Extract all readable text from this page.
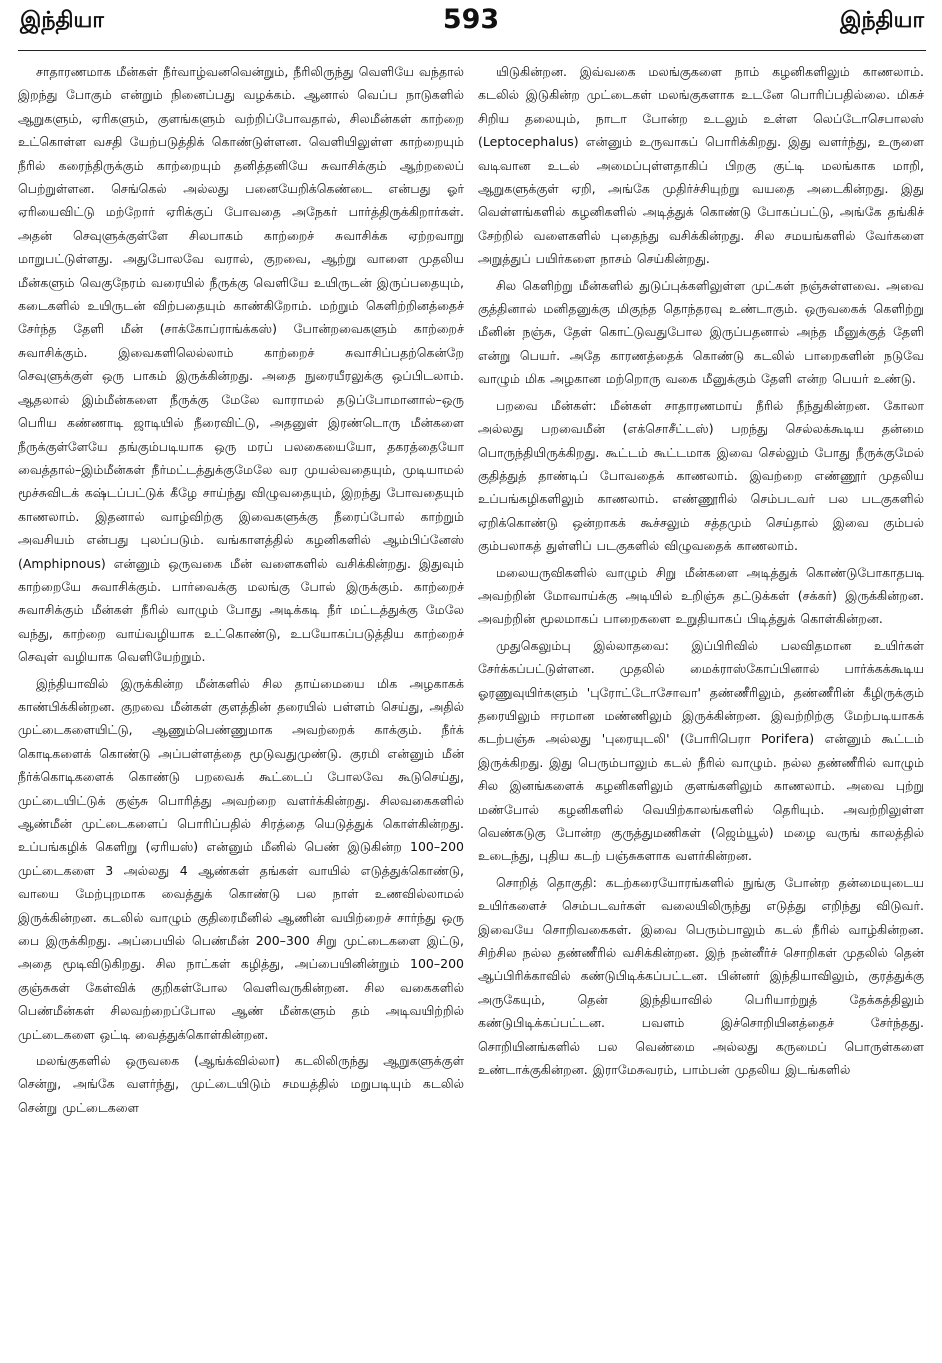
இந்தியா	593	இந்தியா

சாதாரணமாக மீன்கள் நீர்வாழ்வனவென்றும், நீரிலிருந்து வெளியே வந்தால் இறந்து போகும் என்றும் நினைப்பது வழக்கம். ஆனால் வெப்ப நாடுகளில் ஆறுகளும், ஏரிகளும், குளங்களும் வற்றிப்போவதால், சிலமீன்கள் காற்றை உட்கொள்ள வசதி யேற்படுத்திக் கொண்டுள்ளன. வெளியிலுள்ள காற்றையும் நீரில் கரைந்திருக்கும் காற்றையும் தனித்தனியே சுவாசிக்கும் ஆற்றலைப் பெற்றுள்ளன. செங்கெல் அல்லது பனையேறிக்கெண்டை என்பது ஓர் ஏரியைவிட்டு மற்றோர் ஏரிக்குப் போவதை அநேகர் பார்த்திருக்கிறார்கள். அதன் செவுளுக்குள்ளே சிலபாகம் காற்றைச் சுவாசிக்க ஏற்றவாறு மாறுபட்டுள்ளது. அதுபோலவே வரால், குறவை, ஆற்று வாளை முதலிய மீன்களும் வெகுநேரம் வரையில் நீருக்கு வெளியே உயிருடன் இருப்பதையும், கடைகளில் உயிருடன் விற்பதையும் காண்கிறோம். மற்றும் கெளிற்றினத்தைச் சேர்ந்த தேளி மீன் (சாக்கோப்ராங்க்கஸ்) போன்றவைகளும் காற்றைச் சுவாசிக்கும். இவைகளிலெல்லாம் காற்றைச் சுவாசிப்பதற்கென்றே செவுளுக்குள் ஒரு பாகம் இருக்கின்றது. அதை நுரையீரலுக்கு ஒப்பிடலாம். ஆதலால் இம்மீன்களை நீருக்கு மேலே வாராமல் தடுப்போமானால்–ஒரு பெரிய கண்ணாடி ஜாடியில் நீரைவிட்டு, அதனுள் இரண்டொரு மீன்களை நீருக்குள்ளேயே தங்கும்படியாக ஒரு மரப் பலகையையோ, தகரத்தையோ வைத்தால்–இம்மீன்கள் நீர்மட்டத்துக்குமேலே வர முயல்வதையும், முடியாமல் மூச்சுவிடக் கஷ்டப்பட்டுக் கீழே சாய்ந்து விழுவதையும், இறந்து போவதையும் காணலாம். இதனால் வாழ்விற்கு இவைகளுக்கு நீரைப்போல் காற்றும் அவசியம் என்பது புலப்படும். வங்காளத்தில் கழனிகளில் ஆம்பிப்னேஸ் (Amphipnous) என்னும் ஒருவகை மீன் வளைகளில் வசிக்கின்றது. இதுவும் காற்றையே சுவாசிக்கும். பார்வைக்கு மலங்கு போல் இருக்கும். காற்றைச் சுவாசிக்கும் மீன்கள் நீரில் வாழும் போது அடிக்கடி நீர் மட்டத்துக்கு மேலே வந்து, காற்றை வாய்வழியாக உட்கொண்டு, உபயோகப்படுத்திய காற்றைச் செவுள் வழியாக வெளியேற்றும்.

இந்தியாவில் இருக்கின்ற மீன்களில் சில தாய்மையை மிக அழகாகக் காண்பிக்கின்றன. குறவை மீன்கள் குளத்தின் தரையில் பள்ளம் செய்து, அதில் முட்டைகளையிட்டு, ஆணும்பெண்ணுமாக அவற்றைக் காக்கும். நீர்க் கொடிகளைக் கொண்டு அப்பள்ளத்தை மூடுவதுமுண்டு. குரமி என்னும் மீன் நீர்க்கொடிகளைக் கொண்டு பறவைக் கூட்டைப் போலவே கூடுசெய்து, முட்டையிட்டுக் குஞ்சு பொரித்து அவற்றை வளர்க்கின்றது. சிலவகைகளில் ஆண்மீன் முட்டைகளைப் பொரிப்பதில் சிரத்தை யெடுத்துக் கொள்கின்றது. உப்பங்கழிக் கெளிறு (ஏரியஸ்) என்னும் மீனில் பெண் இடுகின்ற 100–200 முட்டைகளை 3 அல்லது 4 ஆண்கள் தங்கள் வாயில் எடுத்துக்கொண்டு, வாயை மேற்புறமாக வைத்துக் கொண்டு பல நாள் உணவில்லாமல் இருக்கின்றன. கடலில் வாழும் குதிரைமீனில் ஆணின் வயிற்றைச் சார்ந்து ஒரு பை இருக்கிறது. அப்பையில் பெண்மீன் 200–300 சிறு முட்டைகளை இட்டு, அதை மூடிவிடுகிறது. சில நாட்கள் கழித்து, அப்பையினின்றும் 100–200 குஞ்சுகள் கேள்விக் குறிகள்போல வெளிவருகின்றன. சில வகைகளில் பெண்மீன்கள் சிலவற்றைப்போல ஆண் மீன்களும் தம் அடிவயிற்றில் முட்டைகளை ஒட்டி வைத்துக்கொள்கின்றன.

மலங்குகளில் ஒருவகை (ஆங்க்வில்லா) கடலிலிருந்து ஆறுகளுக்குள் சென்று, அங்கே வளர்ந்து, முட்டையிடும் சமயத்தில் மறுபடியும் கடலில் சென்று முட்டைகளை

யிடுகின்றன. இவ்வகை மலங்குகளை நாம் கழனிகளிலும் காணலாம். கடலில் இடுகின்ற முட்டைகள் மலங்குகளாக உடனே பொரிப்பதில்லை. மிகச் சிறிய தலையும், நாடா போன்ற உடலும் உள்ள லெப்டோசெபாலஸ் (Leptocephalus) என்னும் உருவாகப் பொரிக்கிறது. இது வளர்ந்து, உருளை வடிவான உடல் அமைப்புள்ளதாகிப் பிறகு குட்டி மலங்காக மாறி, ஆறுகளுக்குள் ஏறி, அங்கே முதிர்ச்சியுற்று வயதை அடைகின்றது. இது வெள்ளங்களில் கழனிகளில் அடித்துக் கொண்டு போகப்பட்டு, அங்கே தங்கிச் சேற்றில் வளைகளில் புதைந்து வசிக்கின்றது. சில சமயங்களில் வேர்களை அறுத்துப் பயிர்களை நாசம் செய்கின்றது.

சில கெளிற்று மீன்களில் துடுப்புக்களிலுள்ள முட்கள் நஞ்சுள்ளவை. அவை குத்தினால் மனிதனுக்கு மிகுந்த தொந்தரவு உண்டாகும். ஒருவகைக் கெளிற்று மீனின் நஞ்சு, தேள் கொட்டுவதுபோல இருப்பதனால் அந்த மீனுக்குத் தேளி என்று பெயர். அதே காரணத்தைக் கொண்டு கடலில் பாறைகளின் நடுவே வாழும் மிக அழகான மற்றொரு வகை மீனுக்கும் தேளி என்ற பெயர் உண்டு.

பறவை மீன்கள்: மீன்கள் சாதாரணமாய் நீரில் நீந்துகின்றன. கோலா அல்லது பறவைமீன் (எக்சொசீட்டஸ்) பறந்து செல்லக்கூடிய தன்மை பொருந்தியிருக்கிறது. கூட்டம் கூட்டமாக இவை செல்லும் போது நீருக்குமேல் குதித்துத் தாண்டிப் போவதைக் காணலாம். இவற்றை எண்ணூர் முதலிய உப்பங்கழிகளிலும் காணலாம். எண்ணூரில் செம்படவர் பல படகுகளில் ஏறிக்கொண்டு ஒன்றாகக் கூச்சலும் சத்தமும் செய்தால் இவை கும்பல் கும்பலாகத் துள்ளிப் படகுகளில் விழுவதைக் காணலாம்.

மலையருவிகளில் வாழும் சிறு மீன்களை அடித்துக் கொண்டுபோகாதபடி அவற்றின் மோவாய்க்கு அடியில் உறிஞ்சு தட்டுக்கள் (சக்கர்) இருக்கின்றன. அவற்றின் மூலமாகப் பாறைகளை உறுதியாகப் பிடித்துக் கொள்கின்றன.

முதுகெலும்பு இல்லாதவை: இப்பிரிவில் பலவிதமான உயிர்கள் சேர்க்கப்பட்டுள்ளன. முதலில் மைக்ராஸ்கோப்பினால் பார்க்கக்கூடிய ஓரணுவுயிர்களும் 'புரோட்டோசோவா' தண்ணீரிலும், தண்ணீரின் கீழிருக்கும் தரையிலும் ஈரமான மண்ணிலும் இருக்கின்றன. இவற்றிற்கு மேற்படியாகக் கடற்பஞ்சு அல்லது 'புரையுடலி' (போரிபெரா Porifera) என்னும் கூட்டம் இருக்கிறது. இது பெரும்பாலும் கடல் நீரில் வாழும். நல்ல தண்ணீரில் வாழும் சில இனங்களைக் கழனிகளிலும் குளங்களிலும் காணலாம். அவை புற்று மண்போல் கழனிகளில் வெயிற்காலங்களில் தெரியும். அவற்றிலுள்ள வெண்கடுகு போன்ற குருத்துமணிகள் (ஜெம்யூல்) மழை வருங் காலத்தில் உடைந்து, புதிய கடற் பஞ்சுகளாக வளர்கின்றன.

சொறித் தொகுதி: கடற்கரையோரங்களில் நுங்கு போன்ற தன்மையுடைய உயிர்களைச் செம்படவர்கள் வலையிலிருந்து எடுத்து எறிந்து விடுவர். இவையே சொறிவகைகள். இவை பெரும்பாலும் கடல் நீரில் வாழ்கின்றன. சிற்சில நல்ல தண்ணீரில் வசிக்கின்றன. இந் நன்னீர்ச் சொறிகள் முதலில் தென் ஆப்பிரிக்காவில் கண்டுபிடிக்கப்பட்டன. பின்னர் இந்தியாவிலும், குரத்துக்கு அருகேயும், தென் இந்தியாவில் பெரியாற்றுத் தேக்கத்திலும் கண்டுபிடிக்கப்பட்டன. பவளம் இச்சொறியினத்தைச் சேர்ந்தது. சொறியினங்களில் பல வெண்மை அல்லது கருமைப் பொருள்களை உண்டாக்குகின்றன. இராமேசுவரம், பாம்பன் முதலிய இடங்களில்
